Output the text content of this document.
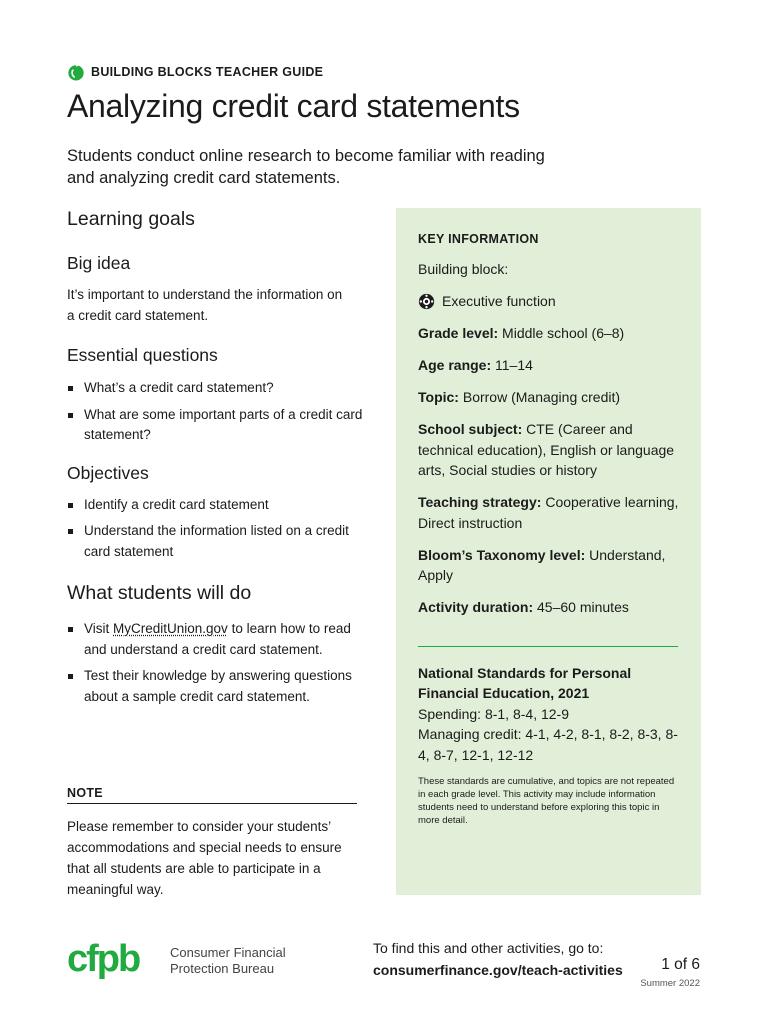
BUILDING BLOCKS TEACHER GUIDE
Analyzing credit card statements

Students conduct online research to become familiar with reading and analyzing credit card statements.

Learning goals
Big idea

It’s important to understand the information on a credit card statement.

Essential questions
What’s a credit card statement?
What are some important parts of a credit card statement?
Objectives
Identify a credit card statement
Understand the information listed on a credit card statement
What students will do
Visit MyCreditUnion.gov to learn how to read and understand a credit card statement.
Test their knowledge by answering questions about a sample credit card statement.
NOTE
Please remember to consider your students’ accommodations and special needs to ensure that all students are able to participate in a meaningful way.
KEY INFORMATION
Building block:
Executive function
Grade level: Middle school (6–8)
Age range: 11–14
Topic: Borrow (Managing credit)
School subject: CTE (Career and technical education), English or language arts, Social studies or history
Teaching strategy: Cooperative learning, Direct instruction
Bloom’s Taxonomy level: Understand, Apply
Activity duration: 45–60 minutes
National Standards for Personal Financial Education, 2021
Spending: 8-1, 8-4, 12-9
Managing credit: 4-1, 4-2, 8-1, 8-2, 8-3, 8-4, 8-7, 12-1, 12-12
These standards are cumulative, and topics are not repeated in each grade level. This activity may include information students need to understand before exploring this topic in more detail.
cfpb Consumer Financial
Protection Bureau
To find this and other activities, go to:
consumerfinance.gov/teach-activities	1 of 6
Summer 2022
